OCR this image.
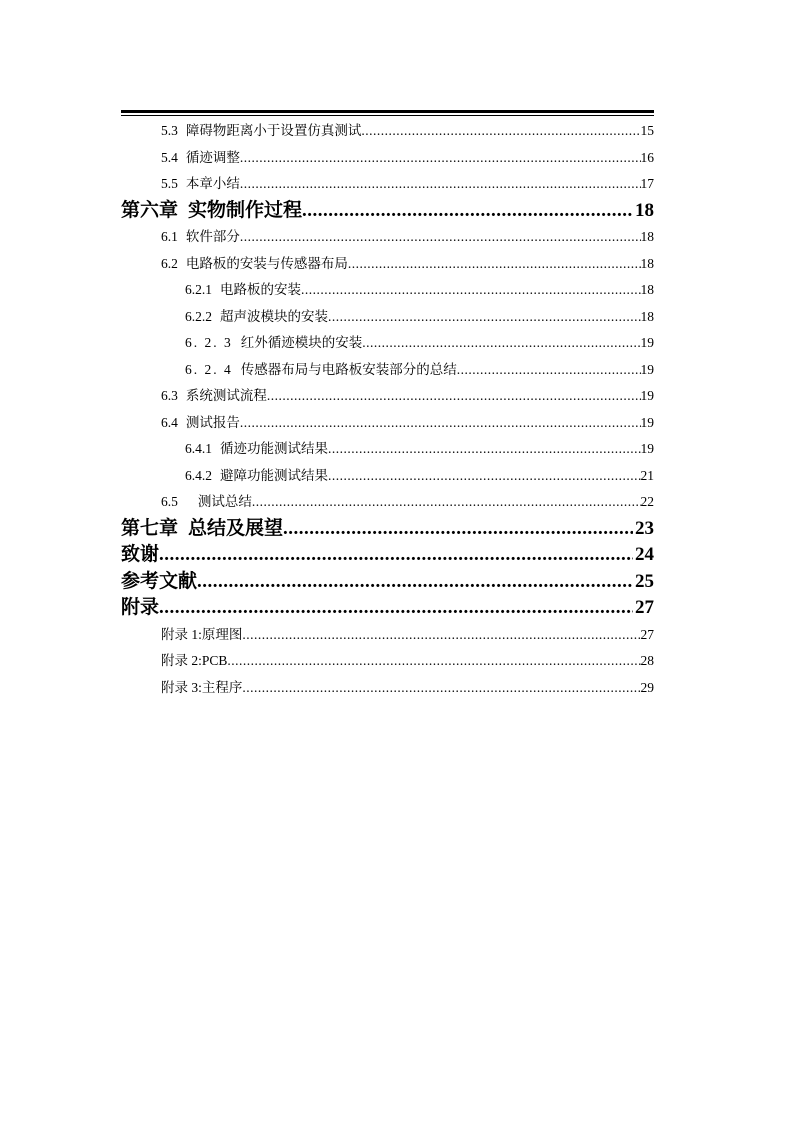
5.3 障碍物距离小于设置仿真测试 .....	15
5.4 循迹调整 .....	16
5.5 本章小结 .....	17
第六章 实物制作过程 .....	18
6.1 软件部分 .....	18
6.2 电路板的安装与传感器布局 .....	18
6.2.1 电路板的安装 .....	18
6.2.2 超声波模块的安装 .....	18
6. 2. 3 红外循迹模块的安装 .....	19
6. 2. 4 传感器布局与电路板安装部分的总结 .....	19
6.3 系统测试流程 .....	19
6.4 测试报告 .....	19
6.4.1 循迹功能测试结果 .....	19
6.4.2 避障功能测试结果 .....	21
6.5 测试总结 .....	22
第七章 总结及展望 .....	23
致谢 .....	24
参考文献 .....	25
附录 .....	27
附录 1:原理图 .....	27
附录 2:PCB .....	28
附录 3:主程序 .....	29
